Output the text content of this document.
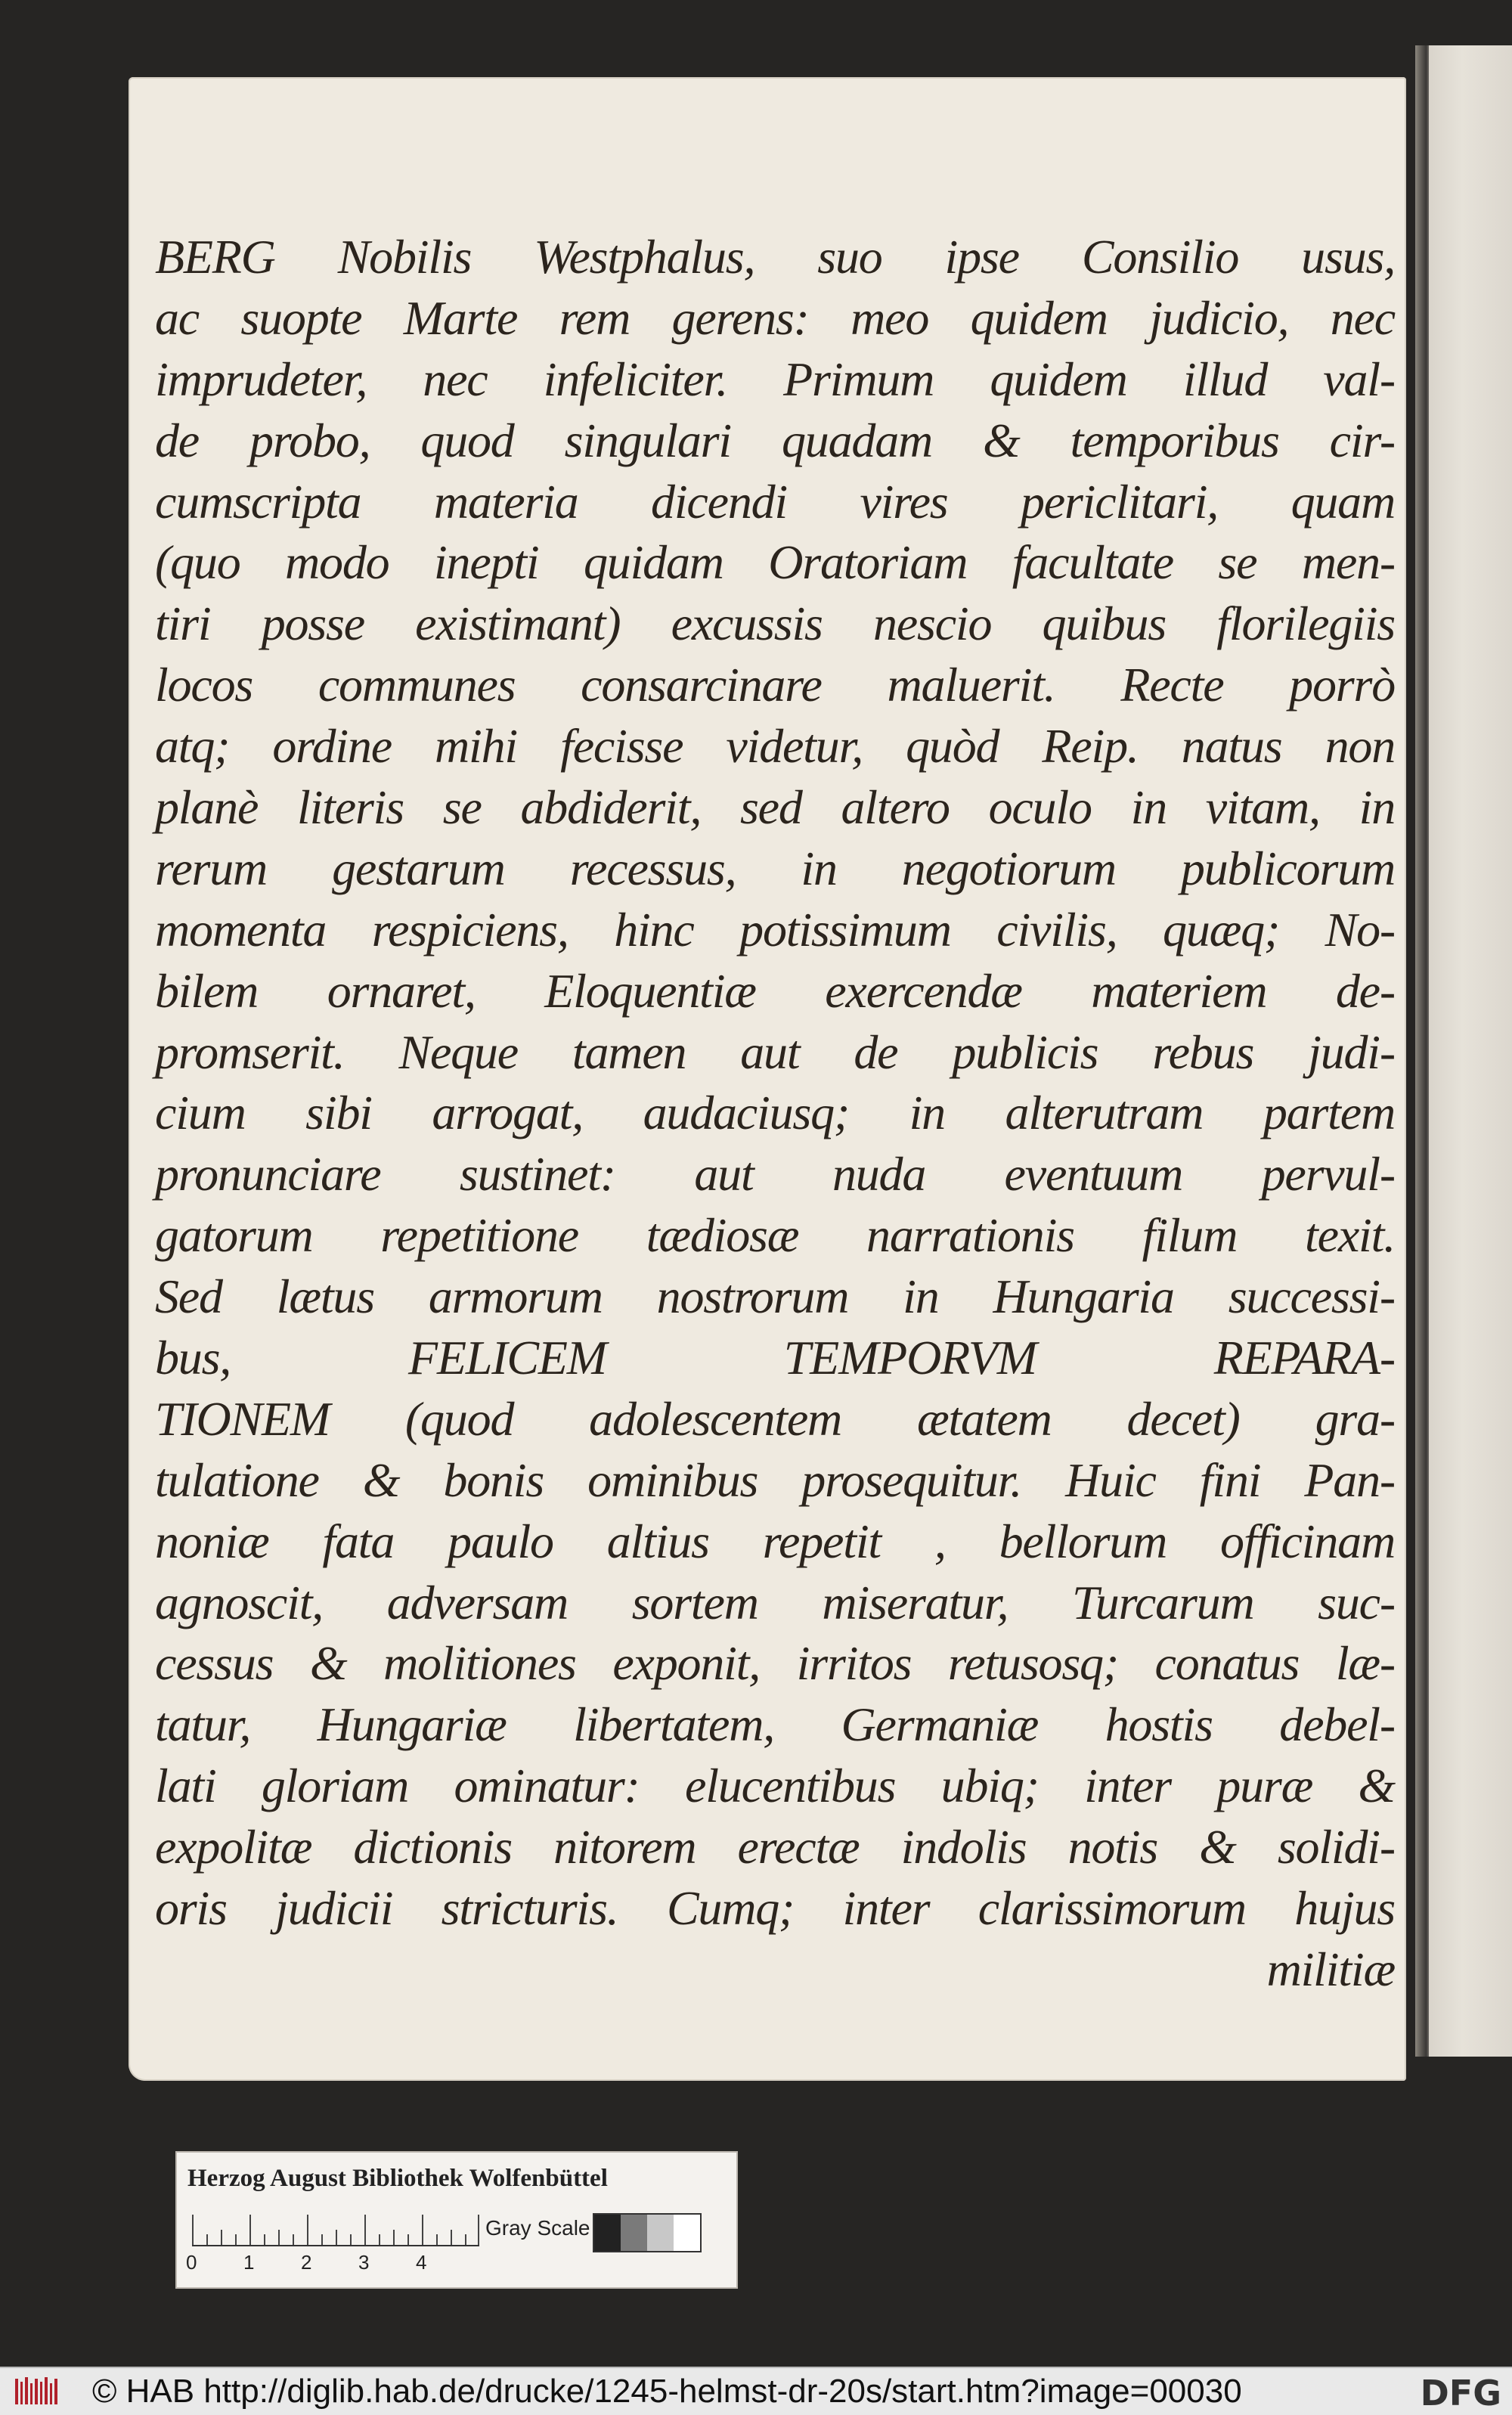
BERG Nobilis Westphalus, suo ipse Consilio usus,
ac suopte Marte rem gerens: meo quidem judicio, nec
imprudeter, nec infeliciter. Primum quidem illud val-
de probo, quod singulari quadam & temporibus cir-
cumscripta materia dicendi vires periclitari, quam
(quo modo inepti quidam Oratoriam facultate se men-
tiri posse existimant) excussis nescio quibus florilegiis
locos communes consarcinare maluerit. Recte porrò
atq; ordine mihi fecisse videtur, quòd Reip. natus non
planè literis se abdiderit, sed altero oculo in vitam, in
rerum gestarum recessus, in negotiorum publicorum
momenta respiciens, hinc potissimum civilis, quæq; No-
bilem ornaret, Eloquentiæ exercendæ materiem de-
promserit. Neque tamen aut de publicis rebus judi-
cium sibi arrogat, audaciusq; in alterutram partem
pronunciare sustinet: aut nuda eventuum pervul-
gatorum repetitione tædiosæ narrationis filum texit.
Sed lætus armorum nostrorum in Hungaria successi-
bus, FELICEM TEMPORVM REPARA-
TIONEM (quod adolescentem ætatem decet) gra-
tulatione & bonis ominibus prosequitur. Huic fini Pan-
noniæ fata paulo altius repetit , bellorum officinam
agnoscit, adversam sortem miseratur, Turcarum suc-
cessus & molitiones exponit, irritos retusosq; conatus læ-
tatur, Hungariæ libertatem, Germaniæ hostis debel-
lati gloriam ominatur: elucentibus ubiq; inter puræ &
expolitæ dictionis nitorem erectæ indolis notis & solidi-
oris judicii stricturis. Cumq; inter clarissimorum hujus
militiæ
Herzog August Bibliothek Wolfenbüttel
0 1 2 3 4
Gray Scale
© HAB http://diglib.hab.de/drucke/1245-helmst-dr-20s/start.htm?image=00030	DFG
